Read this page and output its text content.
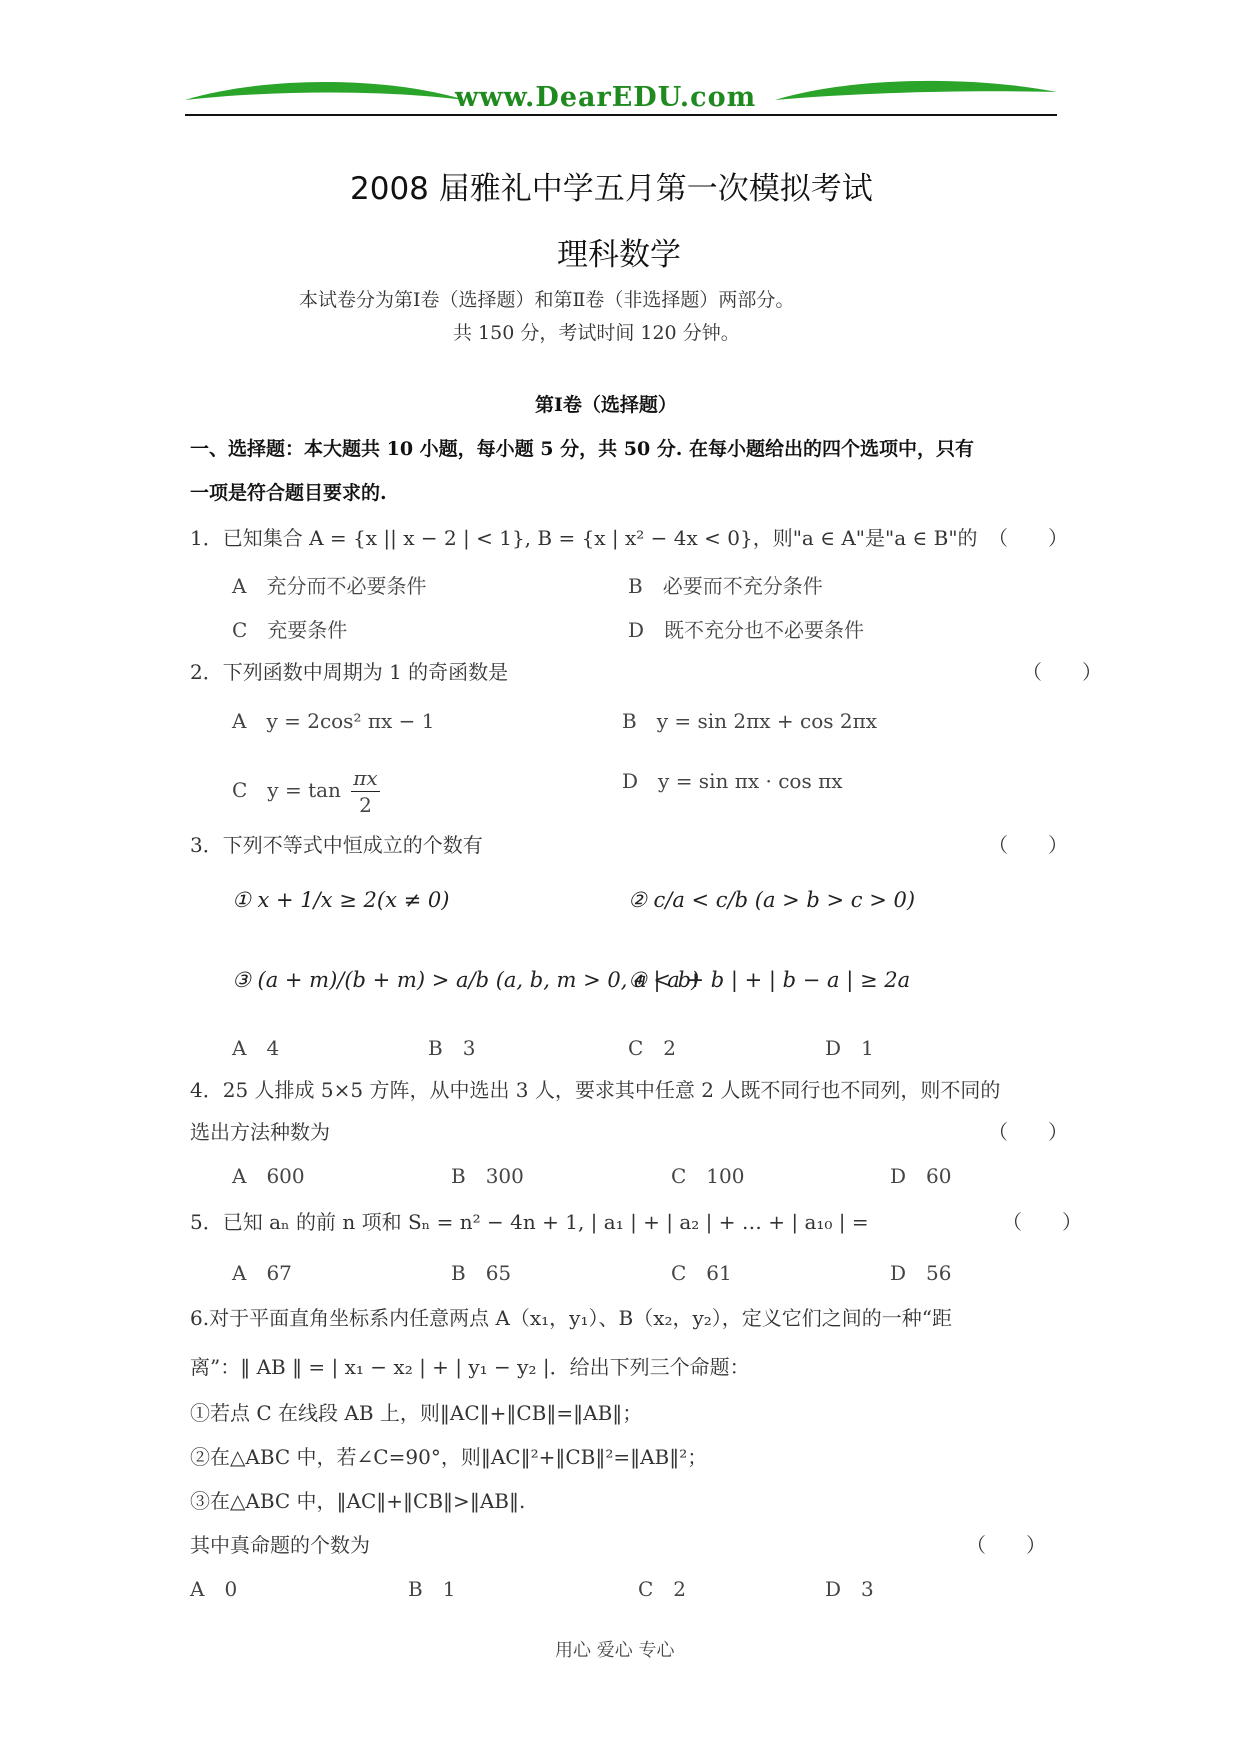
www.DearEDU.com
2008 届雅礼中学五月第一次模拟考试
理科数学
本试卷分为第Ⅰ卷（选择题）和第Ⅱ卷（非选择题）两部分。
共 150 分，考试时间 120 分钟。
第Ⅰ卷（选择题）
一、选择题：本大题共 10 小题，每小题 5 分，共 50 分. 在每小题给出的四个选项中，只有
一项是符合题目要求的.
1．已知集合 A = {x || x − 2 | < 1}, B = {x | x² − 4x < 0}，则"a ∈ A"是"a ∈ B"的 （　　）
A　充分而不必要条件	B　必要而不充分条件
C　充要条件	D　既不充分也不必要条件
2．下列函数中周期为 1 的奇函数是	（　　）
A　y = 2cos² πx − 1	B　y = sin 2πx + cos 2πx
C　$y = \tan \frac{\pi x}{2}$	D　y = sin πx · cos πx
3．下列不等式中恒成立的个数有	（　　）
① x + 1/x ≥ 2(x ≠ 0)	② c/a < c/b (a > b > c > 0)
③ (a + m)/(b + m) > a/b (a, b, m > 0, a < b)
④ | a + b | + | b − a | ≥ 2a
A　4	B　3	C　2	D　1
4．25 人排成 5×5 方阵，从中选出 3 人，要求其中任意 2 人既不同行也不同列，则不同的
选出方法种数为	（　　）
A　600	B　300	C　100	D　60
5．已知 aₙ 的前 n 项和 Sₙ = n² − 4n + 1, | a₁ | + | a₂ | + … + | a₁₀ | =	（　　）
A　67	B　65	C　61	D　56
6.对于平面直角坐标系内任意两点 A（x₁，y₁）、B（x₂，y₂），定义它们之间的一种“距
离”：‖ AB ‖ = | x₁ − x₂ | + | y₁ − y₂ |．给出下列三个命题：
①若点 C 在线段 AB 上，则‖AC‖+‖CB‖=‖AB‖；
②在△ABC 中，若∠C=90°，则‖AC‖²+‖CB‖²=‖AB‖²；
③在△ABC 中，‖AC‖+‖CB‖>‖AB‖.
其中真命题的个数为	（　　）
A　0	B　1	C　2	D　3
用心 爱心 专心
